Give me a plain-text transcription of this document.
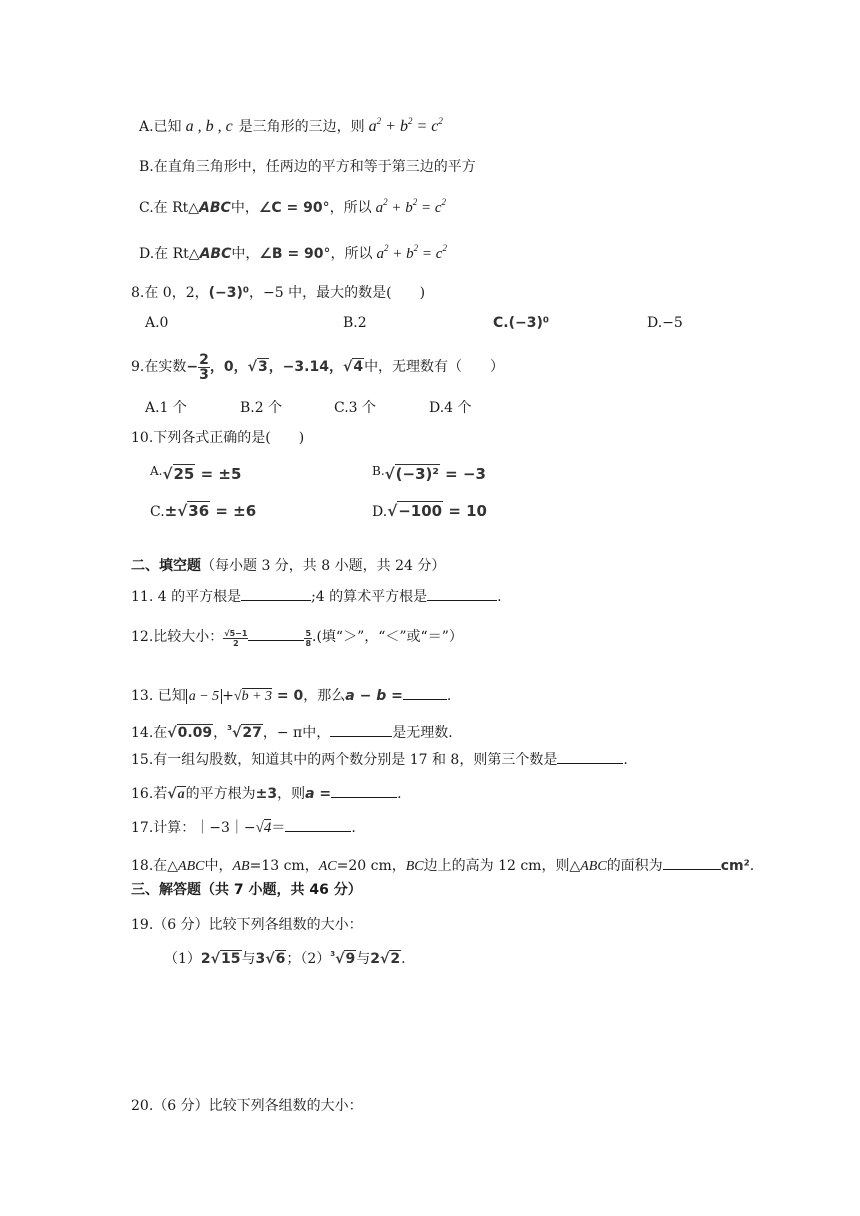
A.已知 a , b , c 是三角形的三边，则 $a^2 + b^2 = c^2$
B.在直角三角形中，任两边的平方和等于第三边的平方
C.在 Rt△ABC中，∠C = 90°，所以 $a^2 + b^2 = c^2$
D.在 Rt△ABC中，∠B = 90°，所以 $a^2 + b^2 = c^2$
8.在 0，2，(−3)⁰，−5 中，最大的数是(　　)
A.0	B.2	C.(−3)⁰	D.−5
9.在实数− $\frac{2}{3}$ ，0，√3，−3.14，√4中，无理数有（　　）
A.1 个	B.2 个	C.3 个	D.4 个
10.下列各式正确的是(　　)
A.√25 = ±5	B.√(−3)² = −3
C.±√36 = ±6	D.√−100 = 10
二、填空题（每小题 3 分，共 8 小题，共 24 分）
11. 4 的平方根是	;4 的算术平方根是	.
12.比较大小： $\frac{√5-1}{2}$	$\frac{5}{8}$ .(填“＞”，“＜”或“＝”）
13. 已知 a − 5 +√b + 3 = 0，那么a − b =	.
14.在√0.09，$^3$√27，− π中，	是无理数.
15.有一组勾股数，知道其中的两个数分别是 17 和 8，则第三个数是	.
16.若√a的平方根为±3，则a =	.
17.计算：｜−3｜−√4＝	.
18.在△ABC中，AB=13 cm，AC=20 cm，BC边上的高为 12 cm，则△ABC的面积为	cm².
三、解答题（共 7 小题，共 46 分）
19.（6 分）比较下列各组数的大小：
（1）2√15与3√6；$(2)^3√9$与2√2.
20.（6 分）比较下列各组数的大小：
